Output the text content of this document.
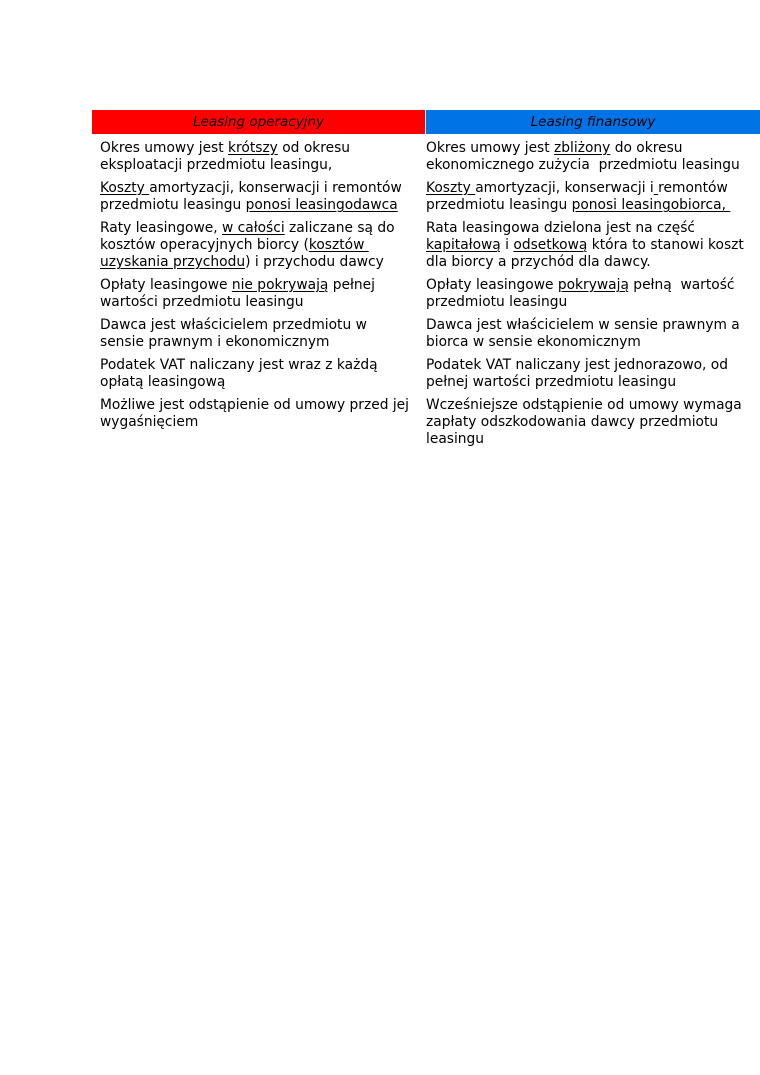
Leasing operacyjny	Leasing finansowy
Okres umowy jest krótszy od okresu
eksploatacji przedmiotu leasingu,
Okres umowy jest zbliżony do okresu
ekonomicznego zużycia  przedmiotu leasingu
Koszty amortyzacji, konserwacji i remontów
przedmiotu leasingu ponosi leasingodawca
Koszty amortyzacji, konserwacji i remontów
przedmiotu leasingu ponosi leasingobiorca,
Raty leasingowe, w całości zaliczane są do
kosztów operacyjnych biorcy (kosztów
uzyskania przychodu) i przychodu dawcy
Rata leasingowa dzielona jest na część
kapitałową i odsetkową która to stanowi koszt
dla biorcy a przychód dla dawcy.
Opłaty leasingowe nie pokrywają pełnej
wartości przedmiotu leasingu
Opłaty leasingowe pokrywają pełną  wartość
przedmiotu leasingu
Dawca jest właścicielem przedmiotu w
sensie prawnym i ekonomicznym
Dawca jest właścicielem w sensie prawnym a
biorca w sensie ekonomicznym
Podatek VAT naliczany jest wraz z każdą
opłatą leasingową
Podatek VAT naliczany jest jednorazowo, od
pełnej wartości przedmiotu leasingu
Możliwe jest odstąpienie od umowy przed jej
wygaśnięciem
Wcześniejsze odstąpienie od umowy wymaga
zapłaty odszkodowania dawcy przedmiotu
leasingu
